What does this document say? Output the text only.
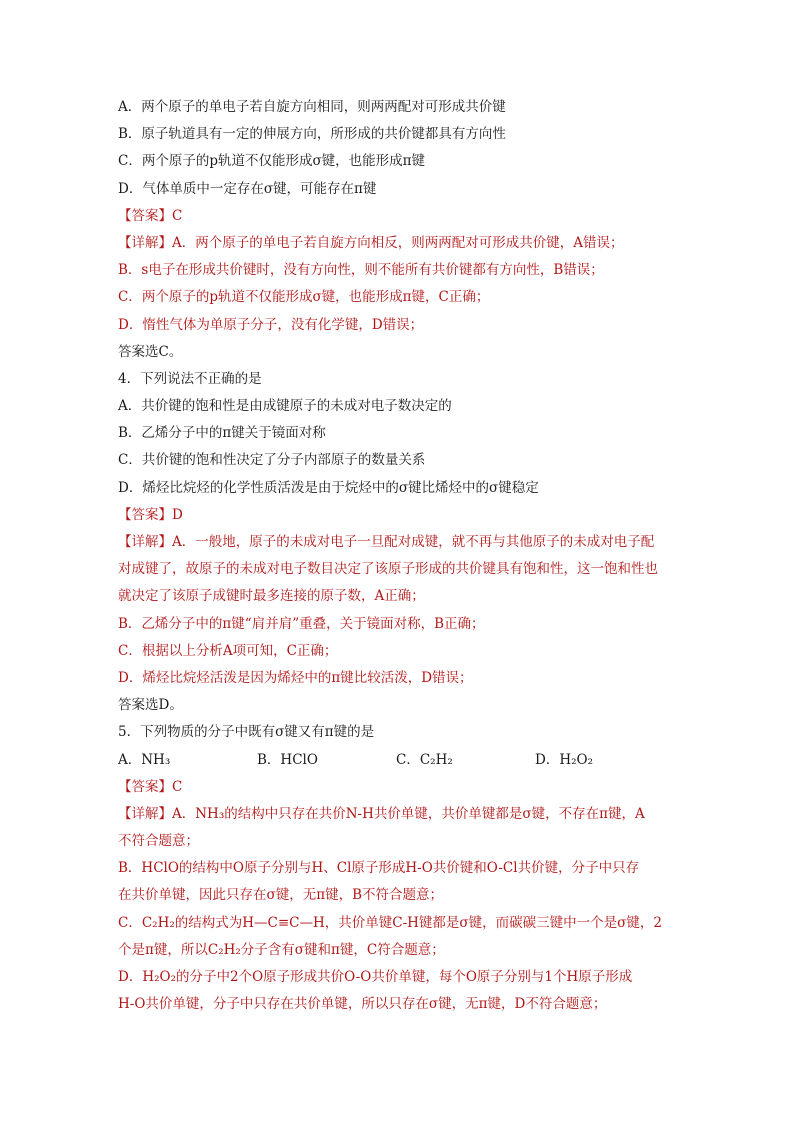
A．两个原子的单电子若自旋方向相同，则两两配对可形成共价键
B．原子轨道具有一定的伸展方向，所形成的共价键都具有方向性
C．两个原子的p轨道不仅能形成σ键，也能形成π键
D．气体单质中一定存在σ键，可能存在π键
【答案】C
【详解】A．两个原子的单电子若自旋方向相反，则两两配对可形成共价键，A错误；
B．s电子在形成共价键时，没有方向性，则不能所有共价键都有方向性，B错误；
C．两个原子的p轨道不仅能形成σ键，也能形成π键，C正确；
D．惰性气体为单原子分子，没有化学键，D错误；
答案选C。
4．下列说法不正确的是
A．共价键的饱和性是由成键原子的未成对电子数决定的
B．乙烯分子中的π键关于镜面对称
C．共价键的饱和性决定了分子内部原子的数量关系
D．烯烃比烷烃的化学性质活泼是由于烷烃中的σ键比烯烃中的σ键稳定
【答案】D
【详解】A．一般地，原子的未成对电子一旦配对成键，就不再与其他原子的未成对电子配
对成键了，故原子的未成对电子数目决定了该原子形成的共价键具有饱和性，这一饱和性也
就决定了该原子成键时最多连接的原子数，A正确；
B．乙烯分子中的π键“肩并肩”重叠，关于镜面对称，B正确；
C．根据以上分析A项可知，C正确；
D．烯烃比烷烃活泼是因为烯烃中的π键比较活泼，D错误；
答案选D。
5．下列物质的分子中既有σ键又有π键的是
A．NH₃	B．HClO	C．C₂H₂	D．H₂O₂
【答案】C
【详解】A．NH₃的结构中只存在共价N-H共价单键，共价单键都是σ键，不存在π键，A
不符合题意；
B．HClO的结构中O原子分别与H、Cl原子形成H-O共价键和O-Cl共价键，分子中只存
在共价单键，因此只存在σ键，无π键，B不符合题意；
C．C₂H₂的结构式为H—C≡C—H，共价单键C-H键都是σ键，而碳碳三键中一个是σ键，2
个是π键，所以C₂H₂分子含有σ键和π键，C符合题意；
D．H₂O₂的分子中2个O原子形成共价O-O共价单键，每个O原子分别与1个H原子形成
H-O共价单键，分子中只存在共价单键，所以只存在σ键，无π键，D不符合题意；
